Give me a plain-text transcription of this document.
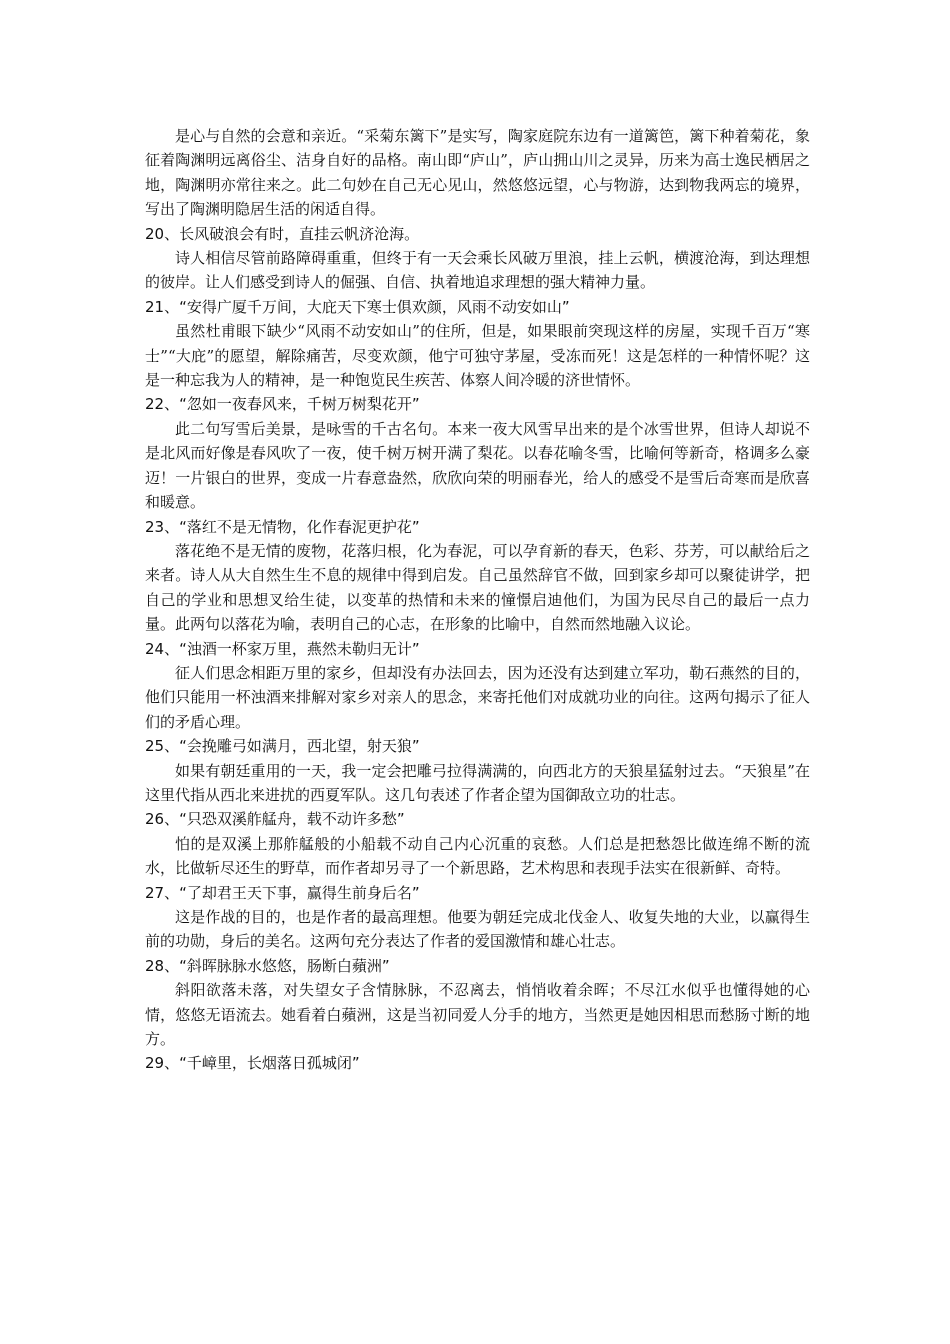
是心与自然的会意和亲近。“采菊东篱下”是实写，陶家庭院东边有一道篱笆，篱下种着菊花，象征着陶渊明远离俗尘、洁身自好的品格。南山即“庐山”，庐山拥山川之灵异，历来为高士逸民栖居之地，陶渊明亦常往来之。此二句妙在自己无心见山，然悠悠远望，心与物游，达到物我两忘的境界，写出了陶渊明隐居生活的闲适自得。

20、长风破浪会有时，直挂云帆济沧海。

诗人相信尽管前路障碍重重，但终于有一天会乘长风破万里浪，挂上云帆，横渡沧海，到达理想的彼岸。让人们感受到诗人的倔强、自信、执着地追求理想的强大精神力量。

21、“安得广厦千万间，大庇天下寒士俱欢颜，风雨不动安如山”

虽然杜甫眼下缺少“风雨不动安如山”的住所，但是，如果眼前突现这样的房屋，实现千百万“寒士”“大庇”的愿望，解除痛苦，尽变欢颜，他宁可独守茅屋，受冻而死！这是怎样的一种情怀呢？这是一种忘我为人的精神，是一种饱览民生疾苦、体察人间冷暖的济世情怀。

22、“忽如一夜春风来，千树万树梨花开”

此二句写雪后美景，是咏雪的千古名句。本来一夜大风雪早出来的是个冰雪世界，但诗人却说不是北风而好像是春风吹了一夜，使千树万树开满了梨花。以春花喻冬雪，比喻何等新奇，格调多么豪迈！一片银白的世界，变成一片春意盎然，欣欣向荣的明丽春光，给人的感受不是雪后奇寒而是欣喜和暖意。

23、“落红不是无情物，化作春泥更护花”

落花绝不是无情的废物，花落归根，化为春泥，可以孕育新的春天，色彩、芬芳，可以献给后之来者。诗人从大自然生生不息的规律中得到启发。自己虽然辞官不做，回到家乡却可以聚徒讲学，把自己的学业和思想叉给生徒，以变革的热情和未来的憧憬启迪他们，为国为民尽自己的最后一点力量。此两句以落花为喻，表明自己的心志，在形象的比喻中，自然而然地融入议论。

24、“浊酒一杯家万里，燕然未勒归无计”

征人们思念相距万里的家乡，但却没有办法回去，因为还没有达到建立军功，勒石燕然的目的，他们只能用一杯浊酒来排解对家乡对亲人的思念，来寄托他们对成就功业的向往。这两句揭示了征人们的矛盾心理。

25、“会挽雕弓如满月，西北望，射天狼”

如果有朝廷重用的一天，我一定会把雕弓拉得满满的，向西北方的天狼星猛射过去。“天狼星”在这里代指从西北来进扰的西夏军队。这几句表述了作者企望为国御敌立功的壮志。

26、“只恐双溪舴艋舟，载不动许多愁”

怕的是双溪上那舴艋般的小船载不动自己内心沉重的哀愁。人们总是把愁怨比做连绵不断的流水，比做斩尽还生的野草，而作者却另寻了一个新思路，艺术构思和表现手法实在很新鲜、奇特。

27、“了却君王天下事，赢得生前身后名”

这是作战的目的，也是作者的最高理想。他要为朝廷完成北伐金人、收复失地的大业，以赢得生前的功勋，身后的美名。这两句充分表达了作者的爱国激情和雄心壮志。

28、“斜晖脉脉水悠悠，肠断白蘋洲”

斜阳欲落未落，对失望女子含情脉脉，不忍离去，悄悄收着余晖；不尽江水似乎也懂得她的心情，悠悠无语流去。她看着白蘋洲，这是当初同爱人分手的地方，当然更是她因相思而愁肠寸断的地方。

29、“千嶂里，长烟落日孤城闭”
